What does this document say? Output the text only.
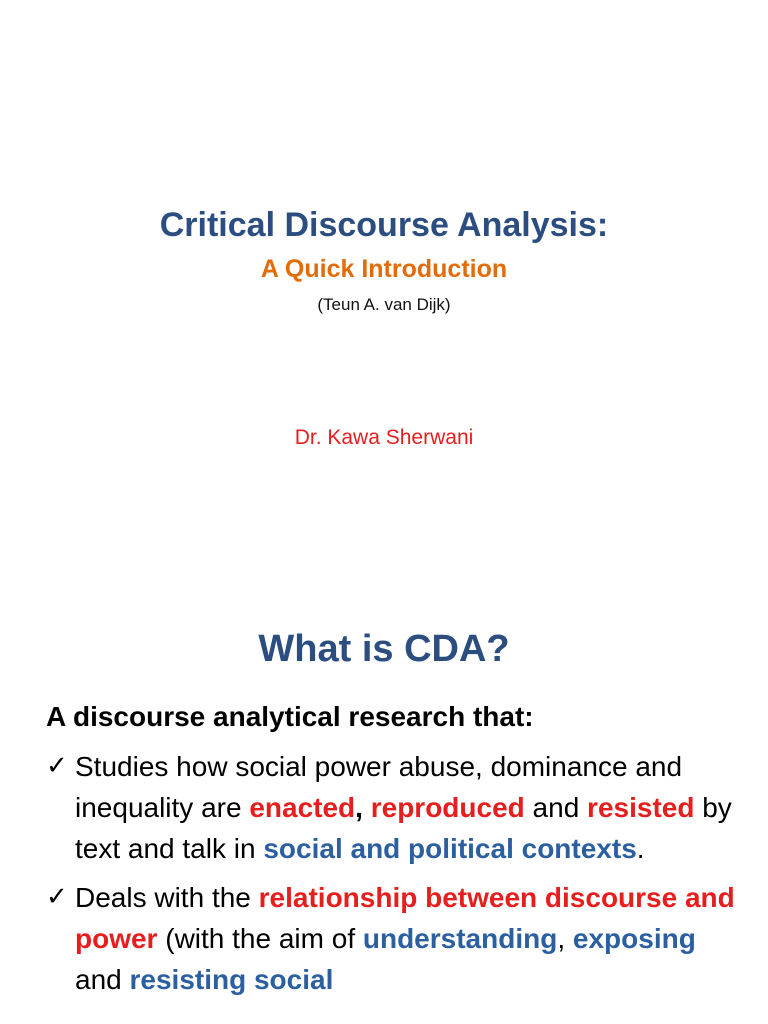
Critical Discourse Analysis:
A Quick Introduction

(Teun A. van Dijk)

Dr. Kawa Sherwani

What is CDA?

A discourse analytical research that:

✓ Studies how social power abuse, dominance and inequality are enacted, reproduced and resisted by text and talk in social and political contexts.
✓ Deals with the relationship between discourse and power (with the aim of understanding, exposing and resisting social
